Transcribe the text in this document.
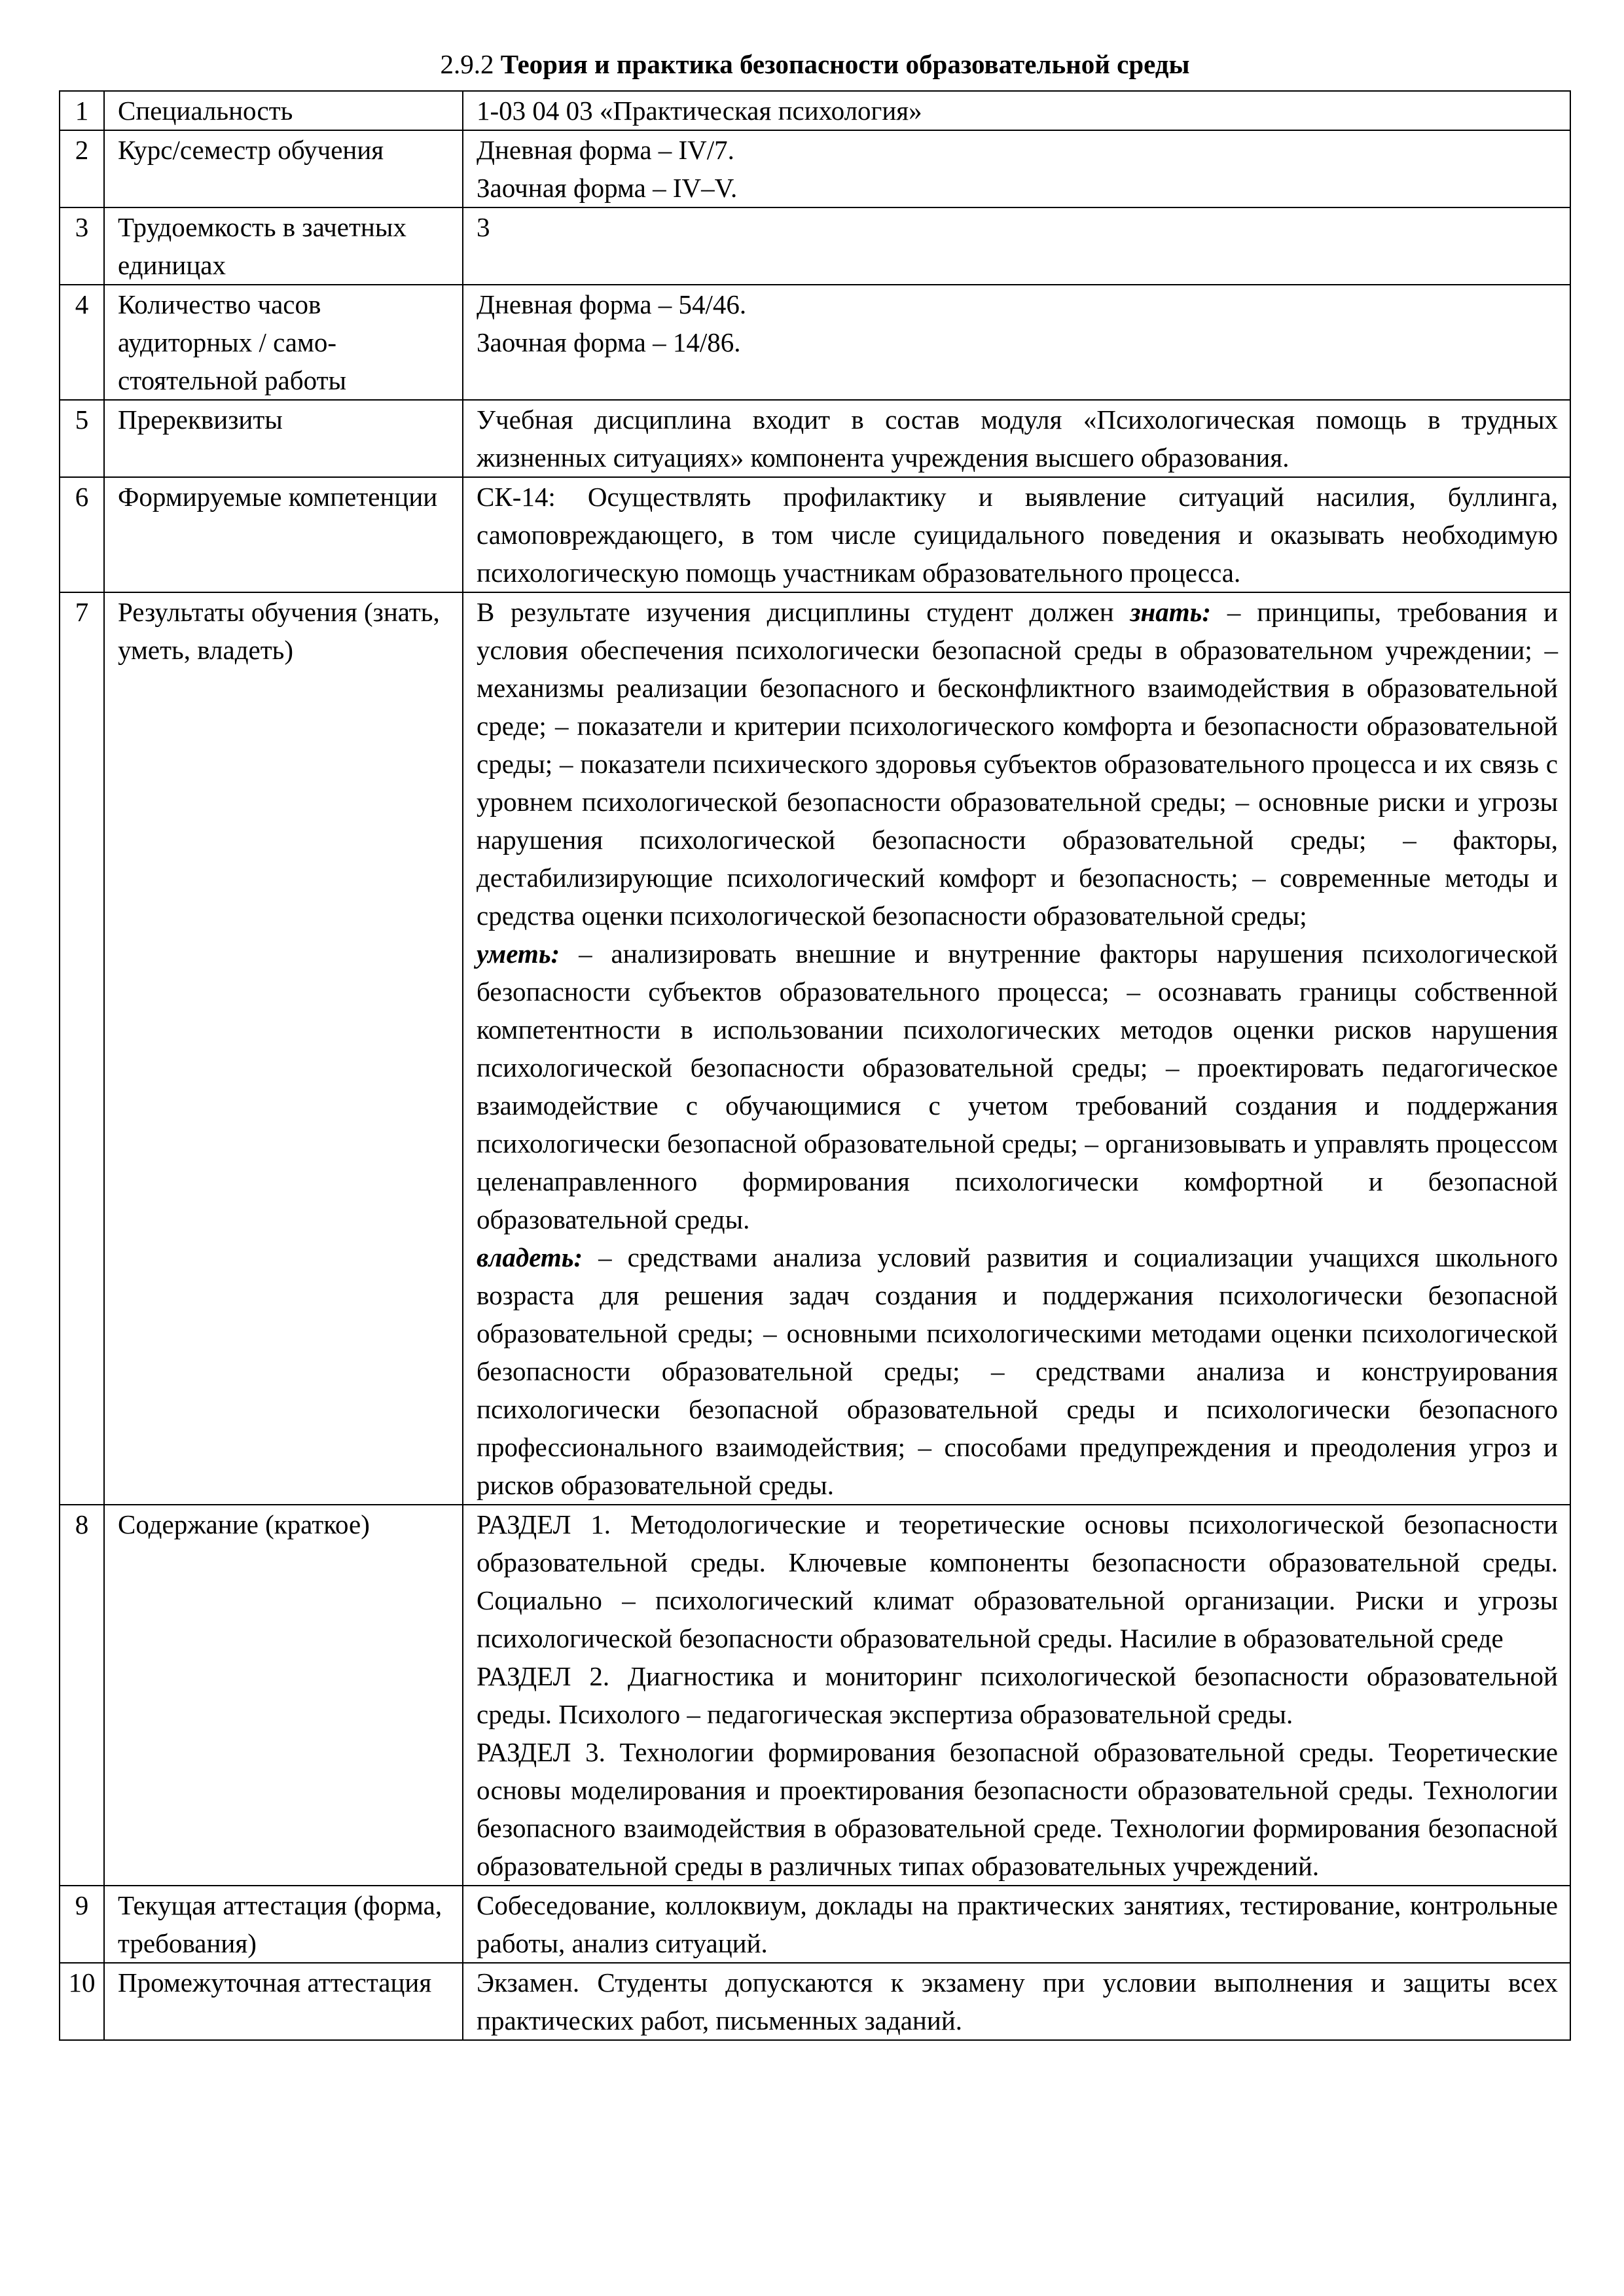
2.9.2 Теория и практика безопасности образовательной среды
1	Специальность	1-03 04 03 «Практическая психология»

2	Курс/семестр обучения	Дневная форма – IV/7.
Заочная форма – IV–V.

3	Трудоемкость в зачетных единицах	3

4	Количество часов аудиторных / само-стоятельной работы	Дневная форма – 54/46.
Заочная форма – 14/86.

5	Пререквизиты	Учебная дисциплина входит в состав модуля «Психологическая помощь в трудных жизненных ситуациях» компонента учреждения высшего образования.
6	Формируемые компетенции	СК-14: Осуществлять профилактику и выявление ситуаций насилия, буллинга, самоповреждающего, в том числе суицидального поведения и оказывать необходимую психологическую помощь участникам образовательного процесса.
7	Результаты обучения (знать, уметь, владеть)	В результате изучения дисциплины студент должен знать: – принципы, требования и условия обеспечения психологически безопасной среды в образовательном учреждении; – механизмы реализации безопасного и бесконфликтного взаимодействия в образовательной среде; – показатели и критерии психологического комфорта и безопасности образовательной среды; – показатели психического здоровья субъектов образовательного процесса и их связь с уровнем психологической безопасности образовательной среды; – основные риски и угрозы нарушения психологической безопасности образовательной среды; – факторы, дестабилизирующие психологический комфорт и безопасность; – современные методы и средства оценки психологической безопасности образовательной среды;
уметь: – анализировать внешние и внутренние факторы нарушения психологической безопасности субъектов образовательного процесса; – осознавать границы собственной компетентности в использовании психологических методов оценки рисков нарушения психологической безопасности образовательной среды; – проектировать педагогическое взаимодействие с обучающимися с учетом требований создания и поддержания психологически безопасной образовательной среды; – организовывать и управлять процессом целенаправленного формирования психологически комфортной и безопасной образовательной среды.
владеть: – средствами анализа условий развития и социализации учащихся школьного возраста для решения задач создания и поддержания психологически безопасной образовательной среды; – основными психологическими методами оценки психологической безопасности образовательной среды; – средствами анализа и конструирования психологически безопасной образовательной среды и психологически безопасного профессионального взаимодействия; – способами предупреждения и преодоления угроз и рисков образовательной среды.

8	Содержание (краткое)	РАЗДЕЛ 1. Методологические и теоретические основы психологической безопасности образовательной среды. Ключевые компоненты безопасности образовательной среды. Социально – психологический климат образовательной организации. Риски и угрозы психологической безопасности образовательной среды. Насилие в образовательной среде
РАЗДЕЛ 2. Диагностика и мониторинг психологической безопасности образовательной среды. Психолого – педагогическая экспертиза образовательной среды.
РАЗДЕЛ 3. Технологии формирования безопасной образовательной среды. Теоретические основы моделирования и проектирования безопасности образовательной среды. Технологии безопасного взаимодействия в образовательной среде. Технологии формирования безопасной образовательной среды в различных типах образовательных учреждений.

9	Текущая аттестация (форма, требования)	Собеседование, коллоквиум, доклады на практических занятиях, тестирование, контрольные работы, анализ ситуаций.
10	Промежуточная аттестация	Экзамен. Студенты допускаются к экзамену при условии выполнения и защиты всех практических работ, письменных заданий.
